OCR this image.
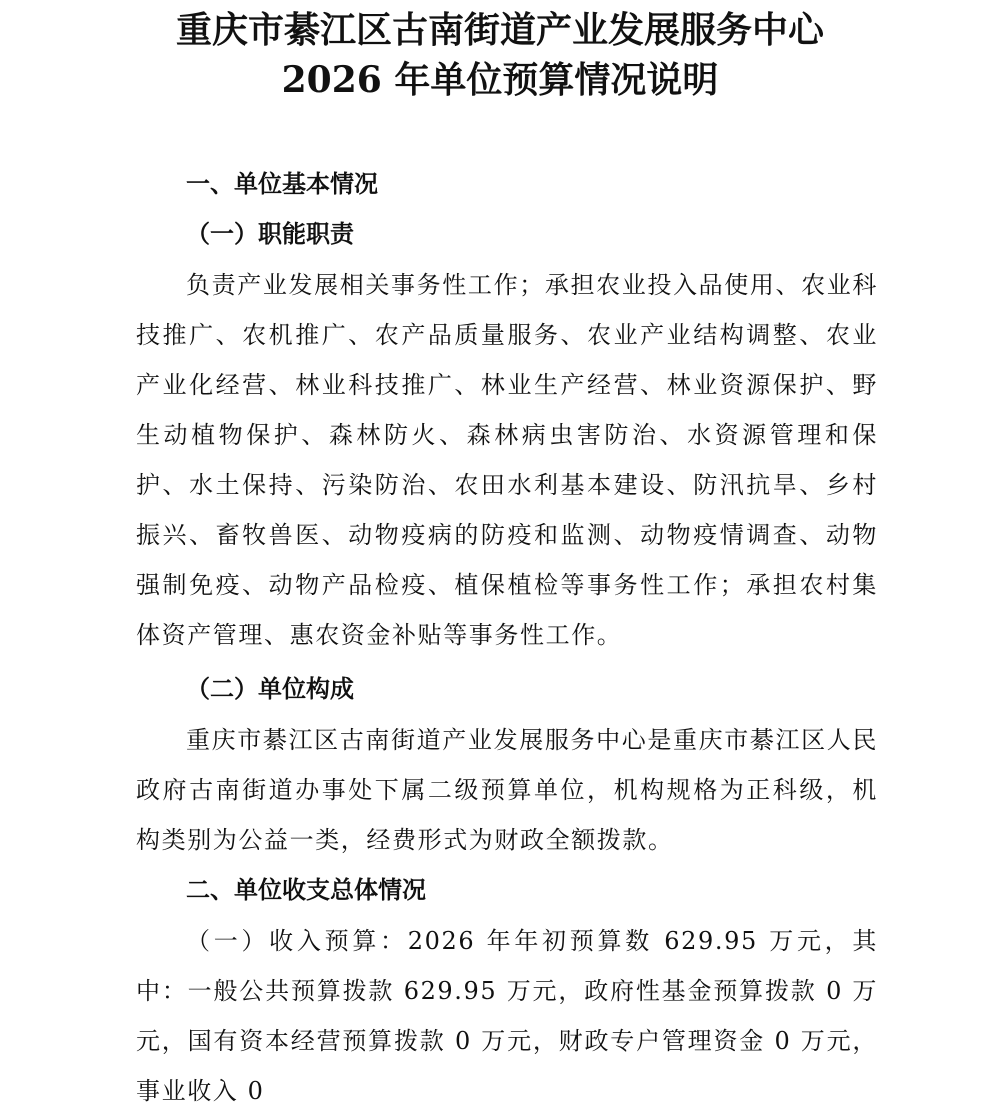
重庆市綦江区古南街道产业发展服务中心
2026 年单位预算情况说明
一、单位基本情况
（一）职能职责

负责产业发展相关事务性工作；承担农业投入品使用、农业科技推广、农机推广、农产品质量服务、农业产业结构调整、农业产业化经营、林业科技推广、林业生产经营、林业资源保护、野生动植物保护、森林防火、森林病虫害防治、水资源管理和保护、水土保持、污染防治、农田水利基本建设、防汛抗旱、乡村振兴、畜牧兽医、动物疫病的防疫和监测、动物疫情调查、动物强制免疫、动物产品检疫、植保植检等事务性工作；承担农村集体资产管理、惠农资金补贴等事务性工作。

（二）单位构成

重庆市綦江区古南街道产业发展服务中心是重庆市綦江区人民政府古南街道办事处下属二级预算单位，机构规格为正科级，机构类别为公益一类，经费形式为财政全额拨款。

二、单位收支总体情况

（一）收入预算：2026 年年初预算数 629.95 万元，其中：一般公共预算拨款 629.95 万元，政府性基金预算拨款 0 万元，国有资本经营预算拨款 0 万元，财政专户管理资金 0 万元，事业收入 0
